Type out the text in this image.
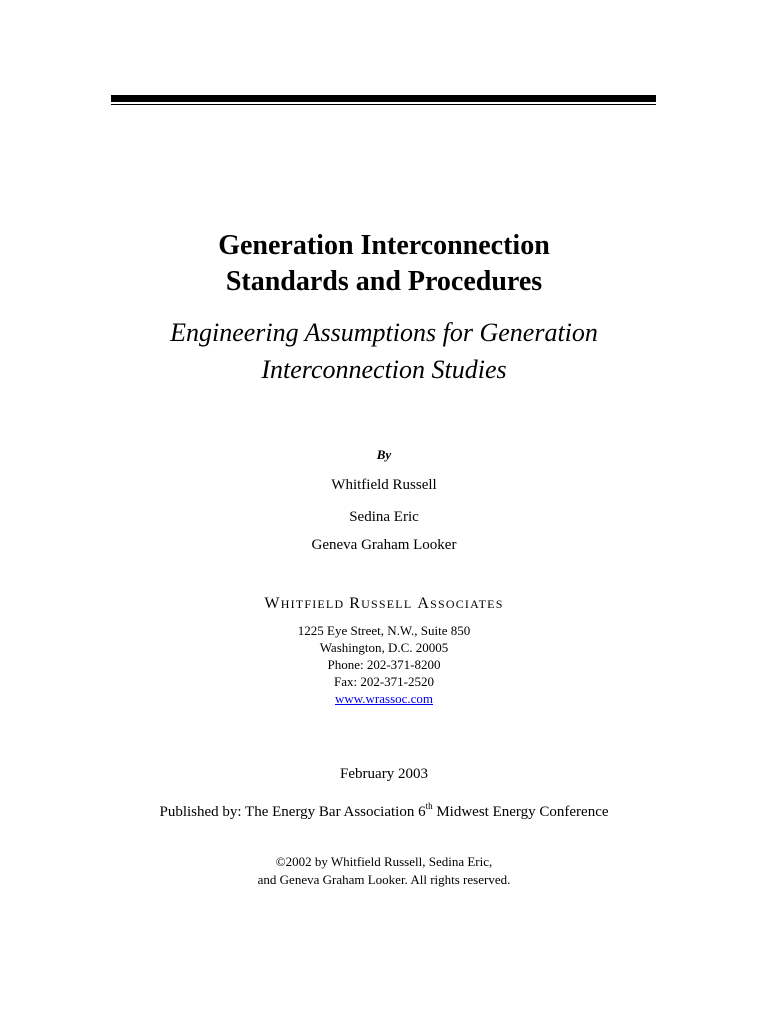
Generation Interconnection
Standards and Procedures
Engineering Assumptions for Generation
Interconnection Studies
By
Whitfield Russell
Sedina Eric
Geneva Graham Looker
WHITFIELD RUSSELL ASSOCIATES
1225 Eye Street, N.W., Suite 850
Washington, D.C. 20005
Phone: 202-371-8200
Fax: 202-371-2520
www.wrassoc.com
February 2003
Published by: The Energy Bar Association 6th Midwest Energy Conference
©2002 by Whitfield Russell, Sedina Eric,
and Geneva Graham Looker. All rights reserved.
